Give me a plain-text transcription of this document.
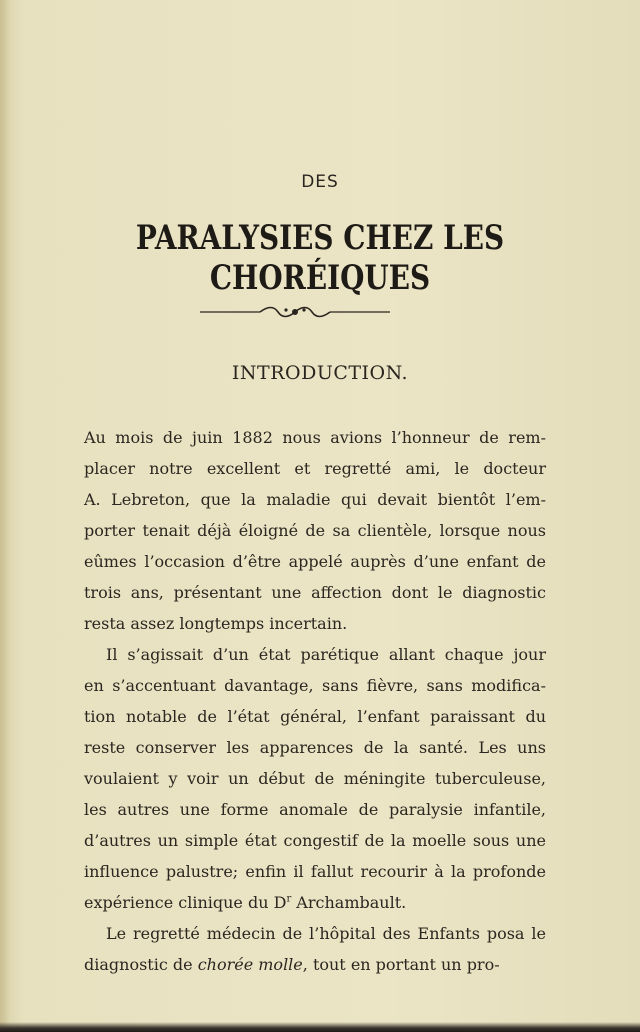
DES
PARALYSIES CHEZ LES CHORÉIQUES
INTRODUCTION.
Au mois de juin 1882 nous avions l’honneur de rem-
placer notre excellent et regretté ami, le docteur
A. Lebreton, que la maladie qui devait bientôt l’em-
porter tenait déjà éloigné de sa clientèle, lorsque nous
eûmes l’occasion d’être appelé auprès d’une enfant de
trois ans, présentant une affection dont le diagnostic
resta assez longtemps incertain.
Il s’agissait d’un état parétique allant chaque jour
en s’accentuant davantage, sans fièvre, sans modifica-
tion notable de l’état général, l’enfant paraissant du
reste conserver les apparences de la santé. Les uns
voulaient y voir un début de méningite tuberculeuse,
les autres une forme anomale de paralysie infantile,
d’autres un simple état congestif de la moelle sous une
influence palustre; enfin il fallut recourir à la profonde
expérience clinique du $D^r$ Archambault.
Le regretté médecin de l’hôpital des Enfants posa le
diagnostic de chorée molle, tout en portant un pro-
